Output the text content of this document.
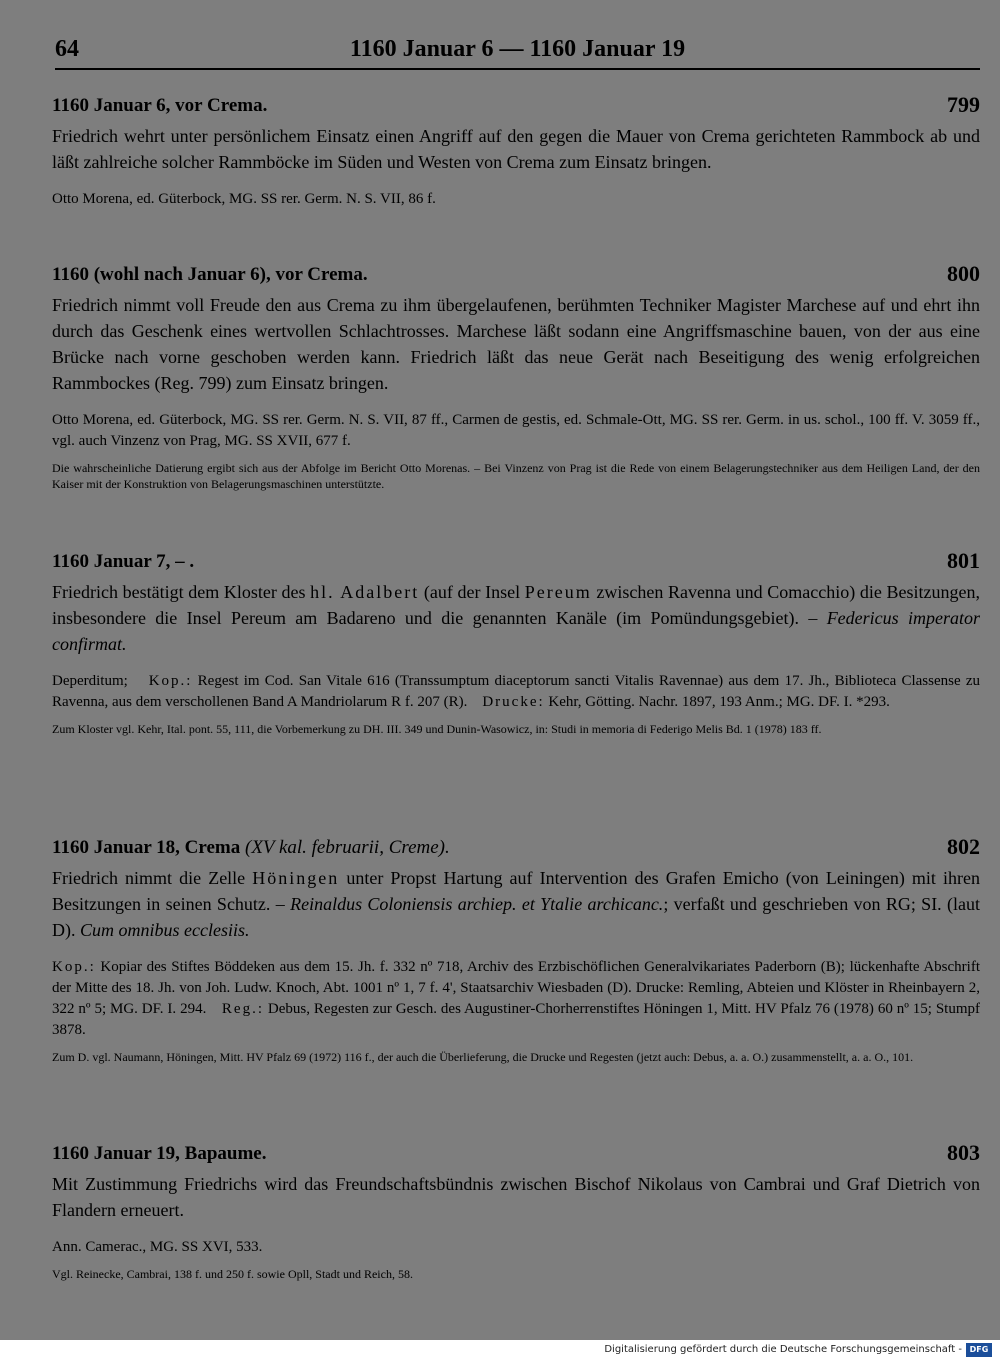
64	1160 Januar 6 — 1160 Januar 19
1160 Januar 6, vor Crema.	799
Friedrich wehrt unter persönlichem Einsatz einen Angriff auf den gegen die Mauer von Crema gerichteten Rammbock ab und läßt zahlreiche solcher Rammböcke im Süden und Westen von Crema zum Einsatz bringen.
Otto Morena, ed. Güterbock, MG. SS rer. Germ. N. S. VII, 86 f.
1160 (wohl nach Januar 6), vor Crema.	800
Friedrich nimmt voll Freude den aus Crema zu ihm übergelaufenen, berühmten Techniker Magister Marchese auf und ehrt ihn durch das Geschenk eines wertvollen Schlachtrosses. Marchese läßt sodann eine Angriffsmaschine bauen, von der aus eine Brücke nach vorne geschoben werden kann. Friedrich läßt das neue Gerät nach Beseitigung des wenig erfolgreichen Rammbockes (Reg. 799) zum Einsatz bringen.
Otto Morena, ed. Güterbock, MG. SS rer. Germ. N. S. VII, 87 ff., Carmen de gestis, ed. Schmale-Ott, MG. SS rer. Germ. in us. schol., 100 ff. V. 3059 ff., vgl. auch Vinzenz von Prag, MG. SS XVII, 677 f.
Die wahrscheinliche Datierung ergibt sich aus der Abfolge im Bericht Otto Morenas. – Bei Vinzenz von Prag ist die Rede von einem Belagerungstechniker aus dem Heiligen Land, der den Kaiser mit der Konstruktion von Belagerungsmaschinen unterstützte.
1160 Januar 7, – .	801
Friedrich bestätigt dem Kloster des hl. Adalbert (auf der Insel Pereum zwischen Ravenna und Comacchio) die Besitzungen, insbesondere die Insel Pereum am Badareno und die genannten Kanäle (im Pomündungsgebiet). – Federicus imperator confirmat.
Deperditum;    Kop.: Regest im Cod. San Vitale 616 (Transsumptum diaceptorum sancti Vitalis Ravennae) aus dem 17. Jh., Biblioteca Classense zu Ravenna, aus dem verschollenen Band A Mandriolarum R f. 207 (R).    Drucke: Kehr, Götting. Nachr. 1897, 193 Anm.; MG. DF. I. *293.
Zum Kloster vgl. Kehr, Ital. pont. 55, 111, die Vorbemerkung zu DH. III. 349 und Dunin-Wasowicz, in: Studi in memoria di Federigo Melis Bd. 1 (1978) 183 ff.
1160 Januar 18, Crema (XV kal. februarii, Creme).	802
Friedrich nimmt die Zelle Höningen unter Propst Hartung auf Intervention des Grafen Emicho (von Leiningen) mit ihren Besitzungen in seinen Schutz. – Reinaldus Coloniensis archiep. et Ytalie archicanc.; verfaßt und geschrieben von RG; SI. (laut D). Cum omnibus ecclesiis.
Kop.: Kopiar des Stiftes Böddeken aus dem 15. Jh. f. 332 nº 718, Archiv des Erzbischöflichen Generalvikariates Paderborn (B); lückenhafte Abschrift der Mitte des 18. Jh. von Joh. Ludw. Knoch, Abt. 1001 nº 1, 7 f. 4', Staatsarchiv Wiesbaden (D). Drucke: Remling, Abteien und Klöster in Rheinbayern 2, 322 nº 5; MG. DF. I. 294.    Reg.: Debus, Regesten zur Gesch. des Augustiner-Chorherrenstiftes Höningen 1, Mitt. HV Pfalz 76 (1978) 60 nº 15; Stumpf 3878.
Zum D. vgl. Naumann, Höningen, Mitt. HV Pfalz 69 (1972) 116 f., der auch die Überlieferung, die Drucke und Regesten (jetzt auch: Debus, a. a. O.) zusammenstellt, a. a. O., 101.
1160 Januar 19, Bapaume.	803
Mit Zustimmung Friedrichs wird das Freundschaftsbündnis zwischen Bischof Nikolaus von Cambrai und Graf Dietrich von Flandern erneuert.
Ann. Camerac., MG. SS XVI, 533.
Vgl. Reinecke, Cambrai, 138 f. und 250 f. sowie Opll, Stadt und Reich, 58.
Digitalisierung gefördert durch die Deutsche Forschungsgemeinschaft - DFG
